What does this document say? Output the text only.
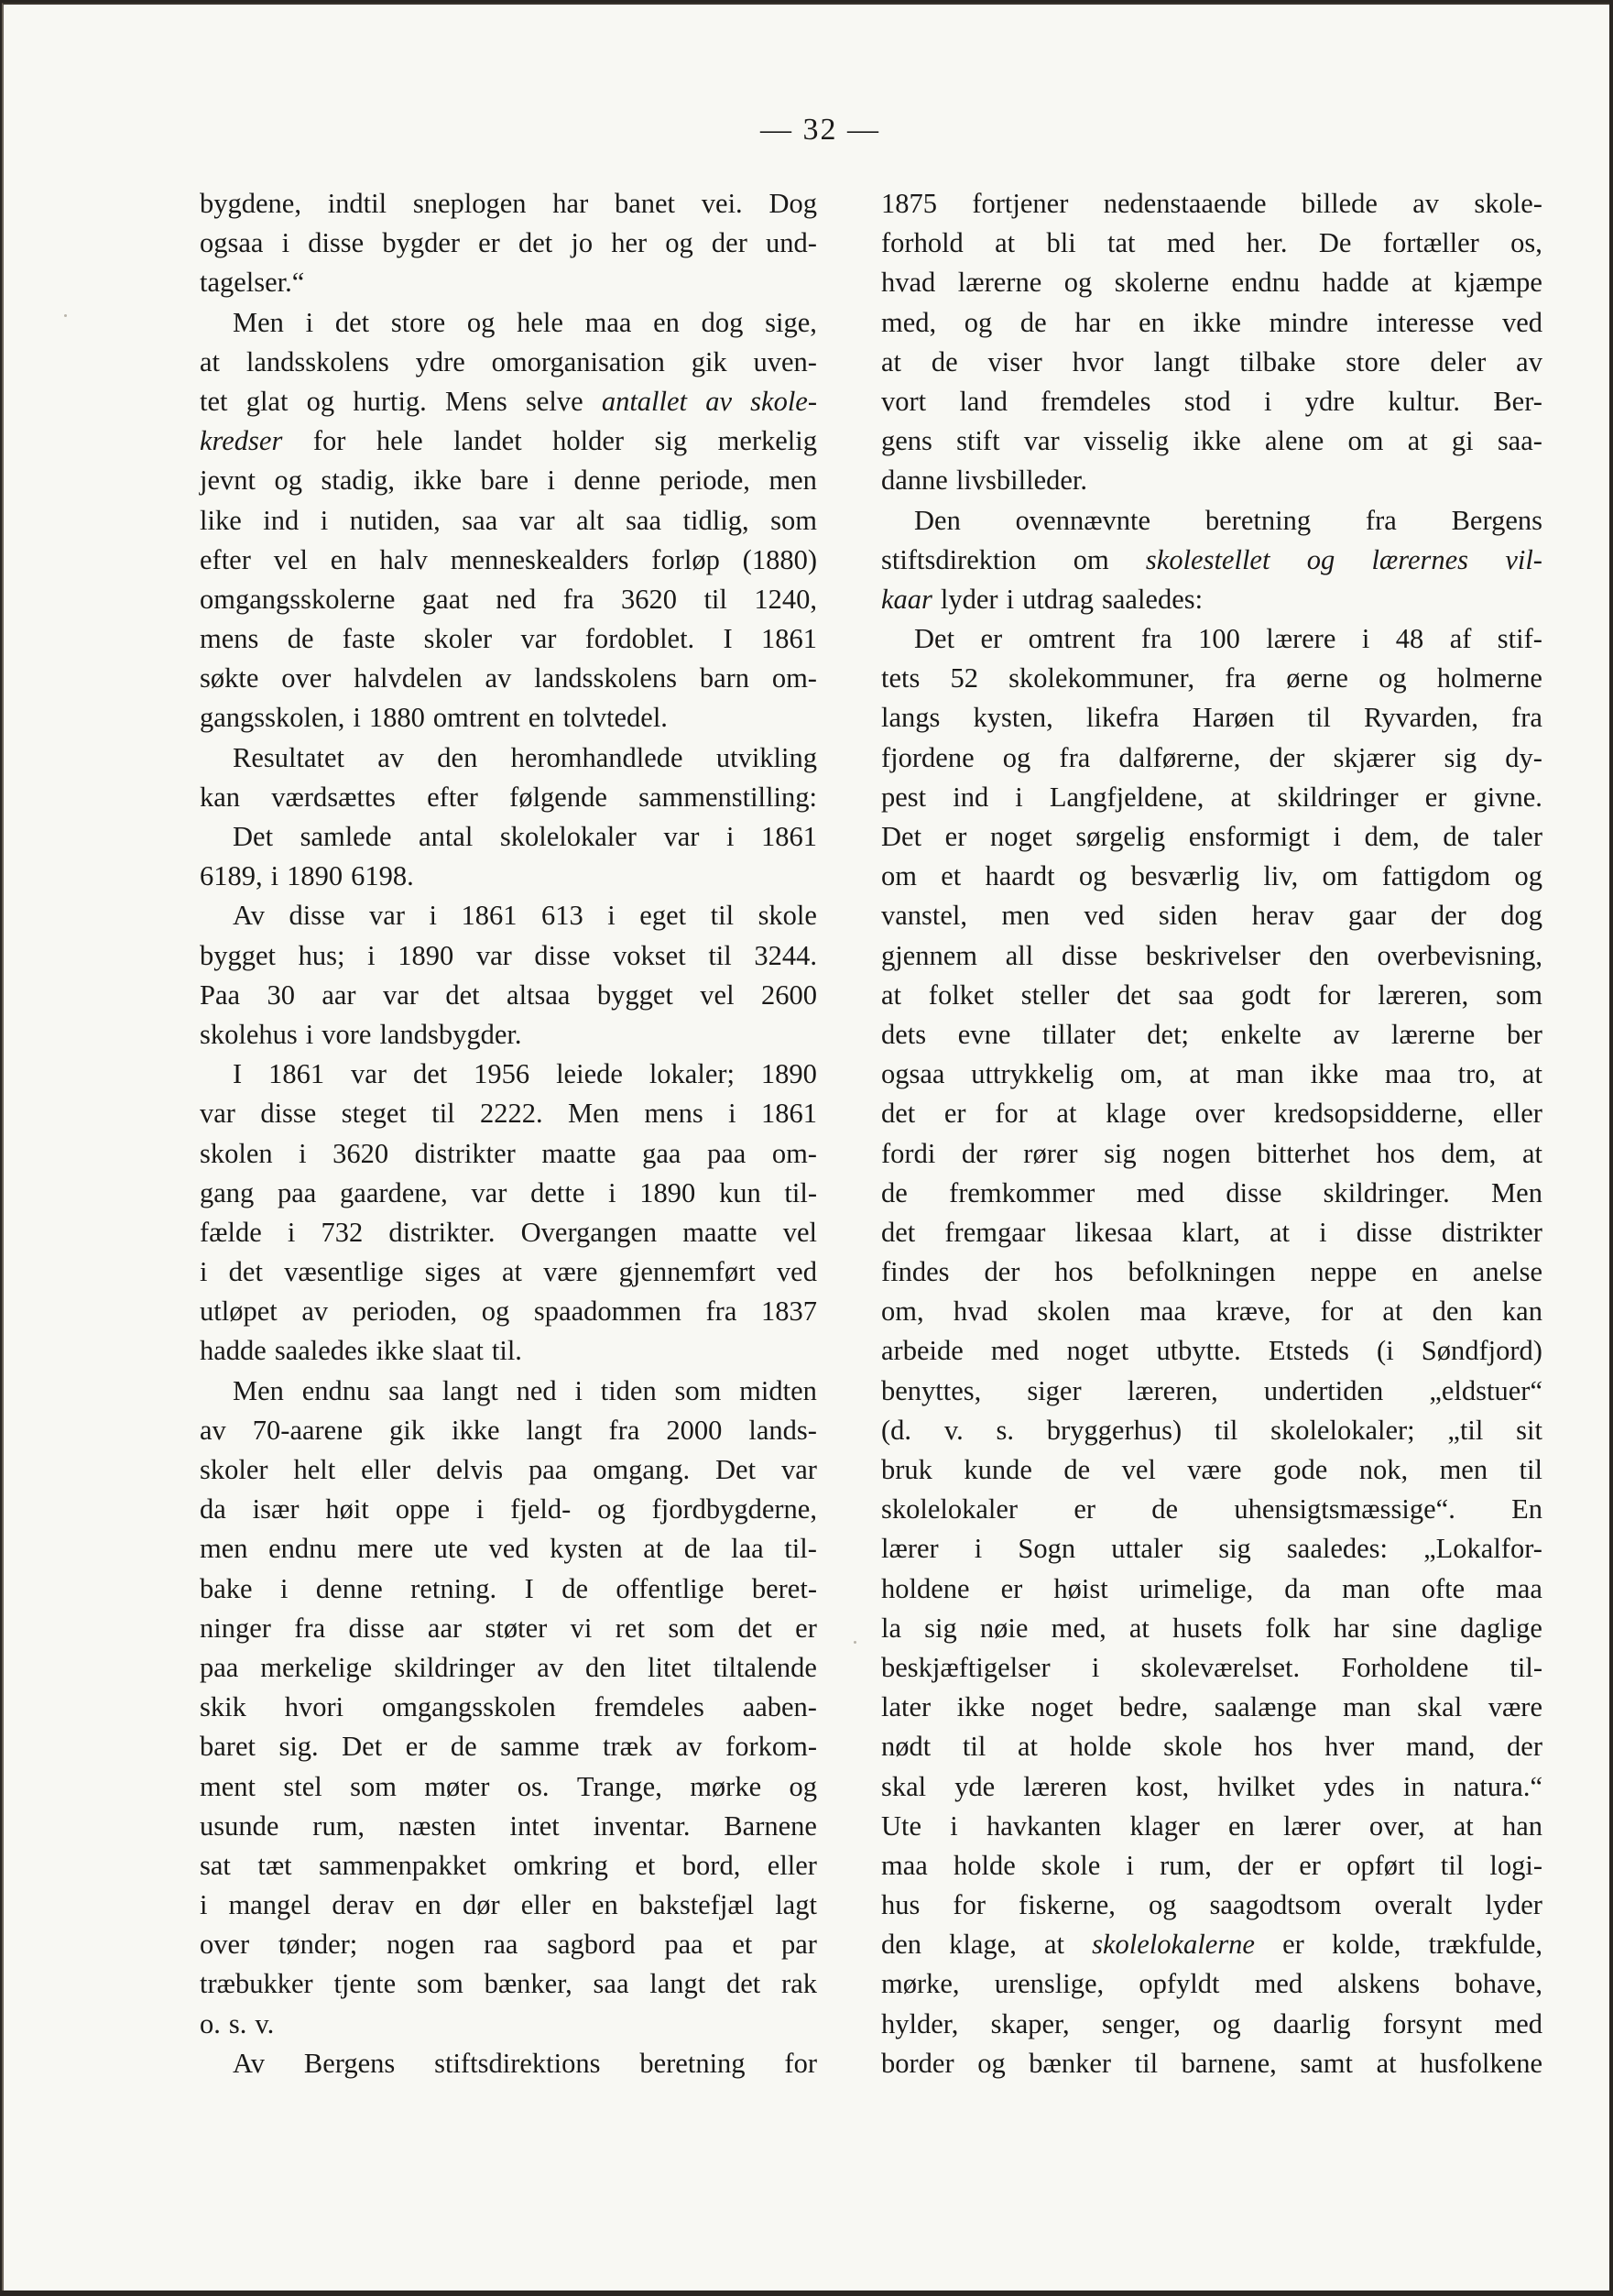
— 32 —
bygdene, indtil sneplogen har banet vei. Dog
ogsaa i disse bygder er det jo her og der und-
tagelser.“
Men i det store og hele maa en dog sige,
at landsskolens ydre omorganisation gik uven-
tet glat og hurtig. Mens selve antallet av skole-
kredser for hele landet holder sig merkelig
jevnt og stadig, ikke bare i denne periode, men
like ind i nutiden, saa var alt saa tidlig, som
efter vel en halv menneskealders forløp (1880)
omgangsskolerne gaat ned fra 3620 til 1240,
mens de faste skoler var fordoblet. I 1861
søkte over halvdelen av landsskolens barn om-
gangsskolen, i 1880 omtrent en tolvtedel.
Resultatet av den heromhandlede utvikling
kan værdsættes efter følgende sammenstilling:
Det samlede antal skolelokaler var i 1861
6189, i 1890 6198.
Av disse var i 1861 613 i eget til skole
bygget hus; i 1890 var disse vokset til 3244.
Paa 30 aar var det altsaa bygget vel 2600
skolehus i vore landsbygder.
I 1861 var det 1956 leiede lokaler; 1890
var disse steget til 2222. Men mens i 1861
skolen i 3620 distrikter maatte gaa paa om-
gang paa gaardene, var dette i 1890 kun til-
fælde i 732 distrikter. Overgangen maatte vel
i det væsentlige siges at være gjennemført ved
utløpet av perioden, og spaadommen fra 1837
hadde saaledes ikke slaat til.
Men endnu saa langt ned i tiden som midten
av 70-aarene gik ikke langt fra 2000 lands-
skoler helt eller delvis paa omgang. Det var
da især høit oppe i fjeld- og fjordbygderne,
men endnu mere ute ved kysten at de laa til-
bake i denne retning. I de offentlige beret-
ninger fra disse aar støter vi ret som det er
paa merkelige skildringer av den litet tiltalende
skik hvori omgangsskolen fremdeles aaben-
baret sig. Det er de samme træk av forkom-
ment stel som møter os. Trange, mørke og
usunde rum, næsten intet inventar. Barnene
sat tæt sammenpakket omkring et bord, eller
i mangel derav en dør eller en bakstefjæl lagt
over tønder; nogen raa sagbord paa et par
træbukker tjente som bænker, saa langt det rak
o. s. v.
Av Bergens stiftsdirektions beretning for
1875 fortjener nedenstaaende billede av skole-
forhold at bli tat med her. De fortæller os,
hvad lærerne og skolerne endnu hadde at kjæmpe
med, og de har en ikke mindre interesse ved
at de viser hvor langt tilbake store deler av
vort land fremdeles stod i ydre kultur. Ber-
gens stift var visselig ikke alene om at gi saa-
danne livsbilleder.
Den ovennævnte beretning fra Bergens
stiftsdirektion om skolestellet og lærernes vil-
kaar lyder i utdrag saaledes:
Det er omtrent fra 100 lærere i 48 af stif-
tets 52 skolekommuner, fra øerne og holmerne
langs kysten, likefra Harøen til Ryvarden, fra
fjordene og fra dalførerne, der skjærer sig dy-
pest ind i Langfjeldene, at skildringer er givne.
Det er noget sørgelig ensformigt i dem, de taler
om et haardt og besværlig liv, om fattigdom og
vanstel, men ved siden herav gaar der dog
gjennem all disse beskrivelser den overbevisning,
at folket steller det saa godt for læreren, som
dets evne tillater det; enkelte av lærerne ber
ogsaa uttrykkelig om, at man ikke maa tro, at
det er for at klage over kredsopsidderne, eller
fordi der rører sig nogen bitterhet hos dem, at
de fremkommer med disse skildringer. Men
det fremgaar likesaa klart, at i disse distrikter
findes der hos befolkningen neppe en anelse
om, hvad skolen maa kræve, for at den kan
arbeide med noget utbytte. Etsteds (i Søndfjord)
benyttes, siger læreren, undertiden „eldstuer“
(d. v. s. bryggerhus) til skolelokaler; „til sit
bruk kunde de vel være gode nok, men til
skolelokaler er de uhensigtsmæssige“. En
lærer i Sogn uttaler sig saaledes: „Lokalfor-
holdene er høist urimelige, da man ofte maa
la sig nøie med, at husets folk har sine daglige
beskjæftigelser i skoleværelset. Forholdene til-
later ikke noget bedre, saalænge man skal være
nødt til at holde skole hos hver mand, der
skal yde læreren kost, hvilket ydes in natura.“
Ute i havkanten klager en lærer over, at han
maa holde skole i rum, der er opført til logi-
hus for fiskerne, og saagodtsom overalt lyder
den klage, at skolelokalerne er kolde, trækfulde,
mørke, urenslige, opfyldt med alskens bohave,
hylder, skaper, senger, og daarlig forsynt med
border og bænker til barnene, samt at husfolkene
